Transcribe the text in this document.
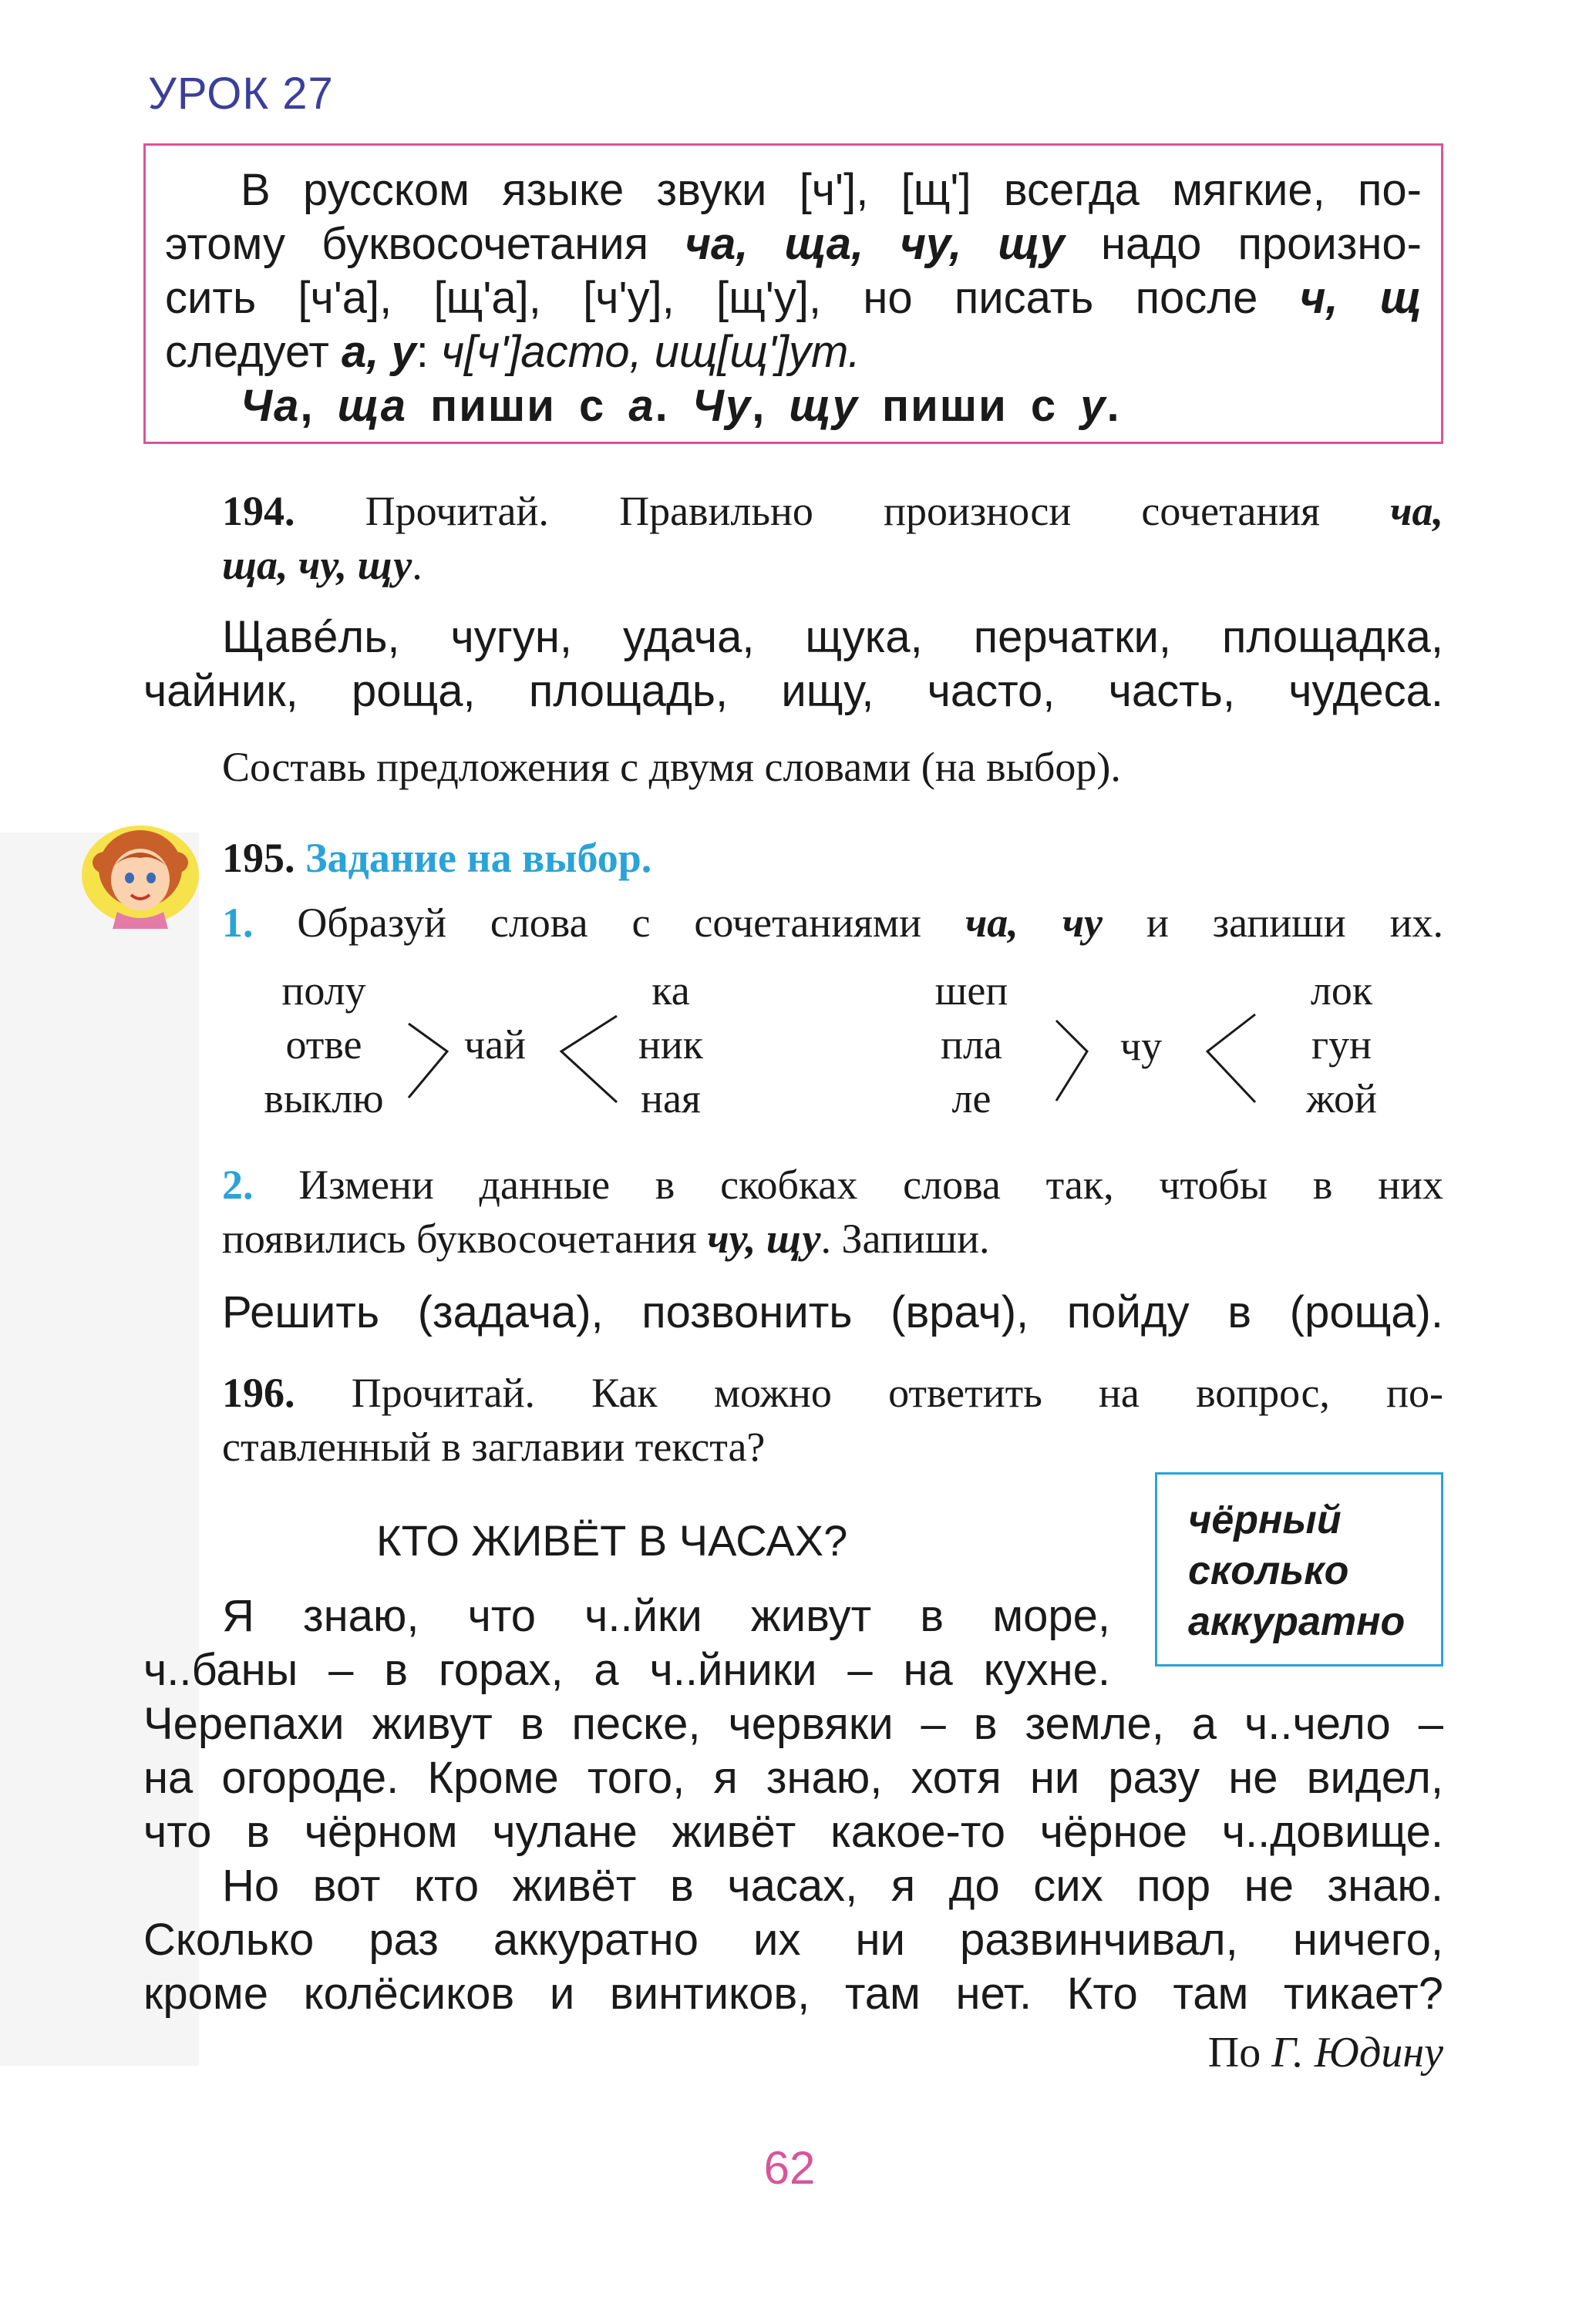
УРОК 27
В русском языке звуки [чʹ], [щʹ] всегда мягкие, по-
этому буквосочетания ча, ща, чу, щу надо произно-
сить [чʹа], [щʹа], [чʹу], [щʹу], но писать после ч, щ
следует а, у: ч[чʹ]асто, ищ[щʹ]ут.
Ча, ща пиши с а. Чу, щу пиши с у.
194. Прочитай. Правильно произноси сочетания ча,
ща, чу, щу.
Щавéль, чугун, удача, щука, перчатки, площадка,
чайник, роща, площадь, ищу, часто, часть, чудеса.
Составь предложения с двумя словами (на выбор).
195. Задание на выбор.
1. Образуй слова с сочетаниями ча, чу и запиши их.
полу
отве
выклю
чай
ка
ник
ная
шеп
пла
ле
чу
лок
гун
жой
2. Измени данные в скобках слова так, чтобы в них
появились буквосочетания чу, щу. Запиши.
Решить (задача), позвонить (врач), пойду в (роща).
196. Прочитай. Как можно ответить на вопрос, по-
ставленный в заглавии текста?
КТО ЖИВЁТ В ЧАСАХ?	чёрный
сколько
аккуратно
Я знаю, что ч..йки живут в море,
ч..баны – в горах, а ч..йники – на кухне.
Черепахи живут в песке, червяки – в земле, а ч..чело –
на огороде. Кроме того, я знаю, хотя ни разу не видел,
что в чёрном чулане живёт какое-то чёрное ч..довище.
Но вот кто живёт в часах, я до сих пор не знаю.
Сколько раз аккуратно их ни развинчивал, ничего,
кроме колёсиков и винтиков, там нет. Кто там тикает?
По Г. Юдину
62
